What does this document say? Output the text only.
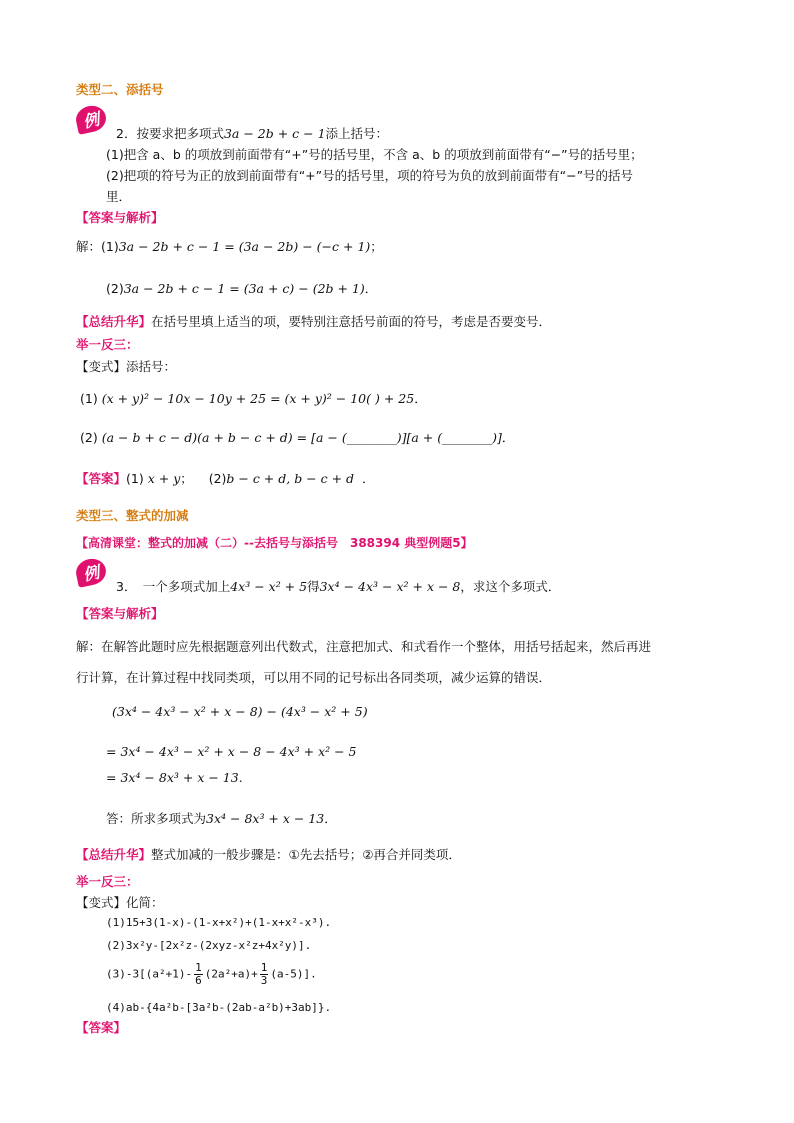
类型二、添括号
例
2．按要求把多项式3a − 2b + c − 1添上括号：
(1)把含 a、b 的项放到前面带有“+”号的括号里，不含 a、b 的项放到前面带有“−”号的括号里；
(2)把项的符号为正的放到前面带有“+”号的括号里，项的符号为负的放到前面带有“−”号的括号
里．
【答案与解析】
解：(1)3a − 2b + c − 1 = (3a − 2b) − (−c + 1)；
(2)3a − 2b + c − 1 = (3a + c) − (2b + 1)．
【总结升华】在括号里填上适当的项，要特别注意括号前面的符号，考虑是否要变号．
举一反三：
【变式】添括号：
(1) (x + y)² − 10x − 10y + 25 = (x + y)² − 10( ) + 25．
(2) (a − b + c − d)(a + b − c + d) = [a − (________)][a + (________)]．
【答案】(1) x + y； (2)b − c + d, b − c + d ．
类型三、整式的加减
【高清课堂：整式的加减（二）--去括号与添括号　388394 典型例题5】
例
3．　一个多项式加上4x³ − x² + 5得3x⁴ − 4x³ − x² + x − 8，求这个多项式．
【答案与解析】
解：在解答此题时应先根据题意列出代数式，注意把加式、和式看作一个整体，用括号括起来，然后再进
行计算，在计算过程中找同类项，可以用不同的记号标出各同类项，减少运算的错误．
(3x⁴ − 4x³ − x² + x − 8) − (4x³ − x² + 5)
= 3x⁴ − 4x³ − x² + x − 8 − 4x³ + x² − 5
= 3x⁴ − 8x³ + x − 13.
答：所求多项式为3x⁴ − 8x³ + x − 13．
【总结升华】整式加减的一般步骤是：①先去括号；②再合并同类项．
举一反三：
【变式】化简：
(1)15+3(1-x)-(1-x+x²)+(1-x+x²-x³).
(2)3x²y-[2x²z-(2xyz-x²z+4x²y)].
$(3)-3[(a^2+1)- \frac{1}{6} (2a^2+a)+ \frac{1}{3} (a-5)]$.
(4)ab-{4a²b-[3a²b-(2ab-a²b)+3ab]}.
【答案】
